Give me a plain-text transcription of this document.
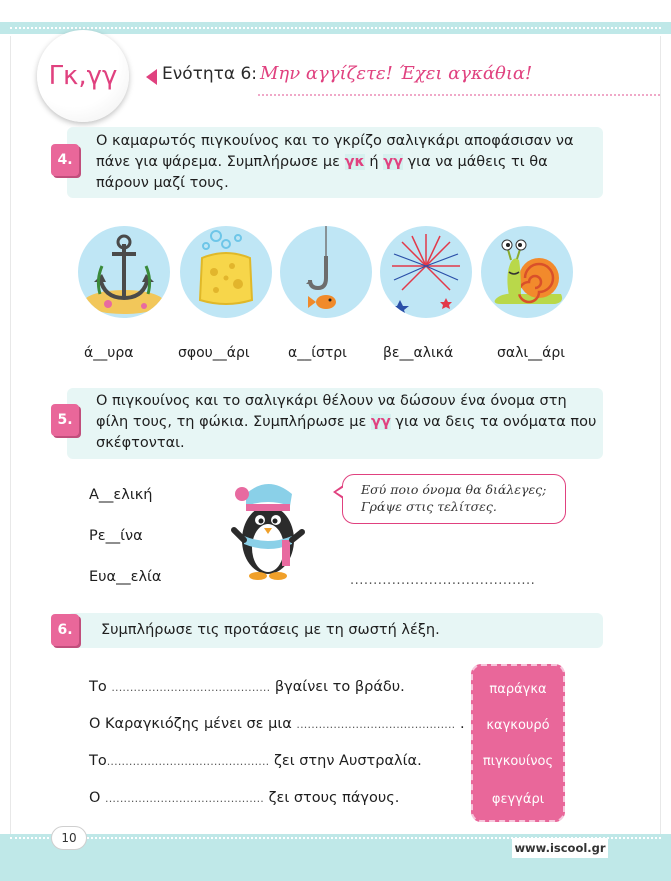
Γκ,γγ	Ενότητα 6: Μην αγγίζετε! Έχει αγκάθια!
4.
Ο καμαρωτός πιγκουίνος και το γκρίζο σαλιγκάρι αποφάσισαν να
πάνε για ψάρεμα. Συμπλήρωσε με γκ ή γγ για να μάθεις τι θα
πάρουν μαζί τους.
ά__υρα	σφου__άρι	α__ίστρι	βε__αλικά	σαλι__άρι
5.
Ο πιγκουίνος και το σαλιγκάρι θέλουν να δώσουν ένα όνομα στη
φίλη τους, τη φώκια. Συμπλήρωσε με γγ για να δεις τα ονόματα που
σκέφτονται.
Α__ελική
Ρε__ίνα
Ευα__ελία
Εσύ ποιο όνομα θα διάλεγες;
Γράψε στις τελίτσες.
........................................
6.	Συμπλήρωσε τις προτάσεις με τη σωστή λέξη.
Το ........................................... βγαίνει το βράδυ.
Ο Καραγκιόζης μένει σε μια ........................................... .
Το............................................ ζει στην Αυστραλία.
Ο ........................................... ζει στους πάγους.
παράγκα
καγκουρό
πιγκουίνος
φεγγάρι
10
www.iscool.gr
